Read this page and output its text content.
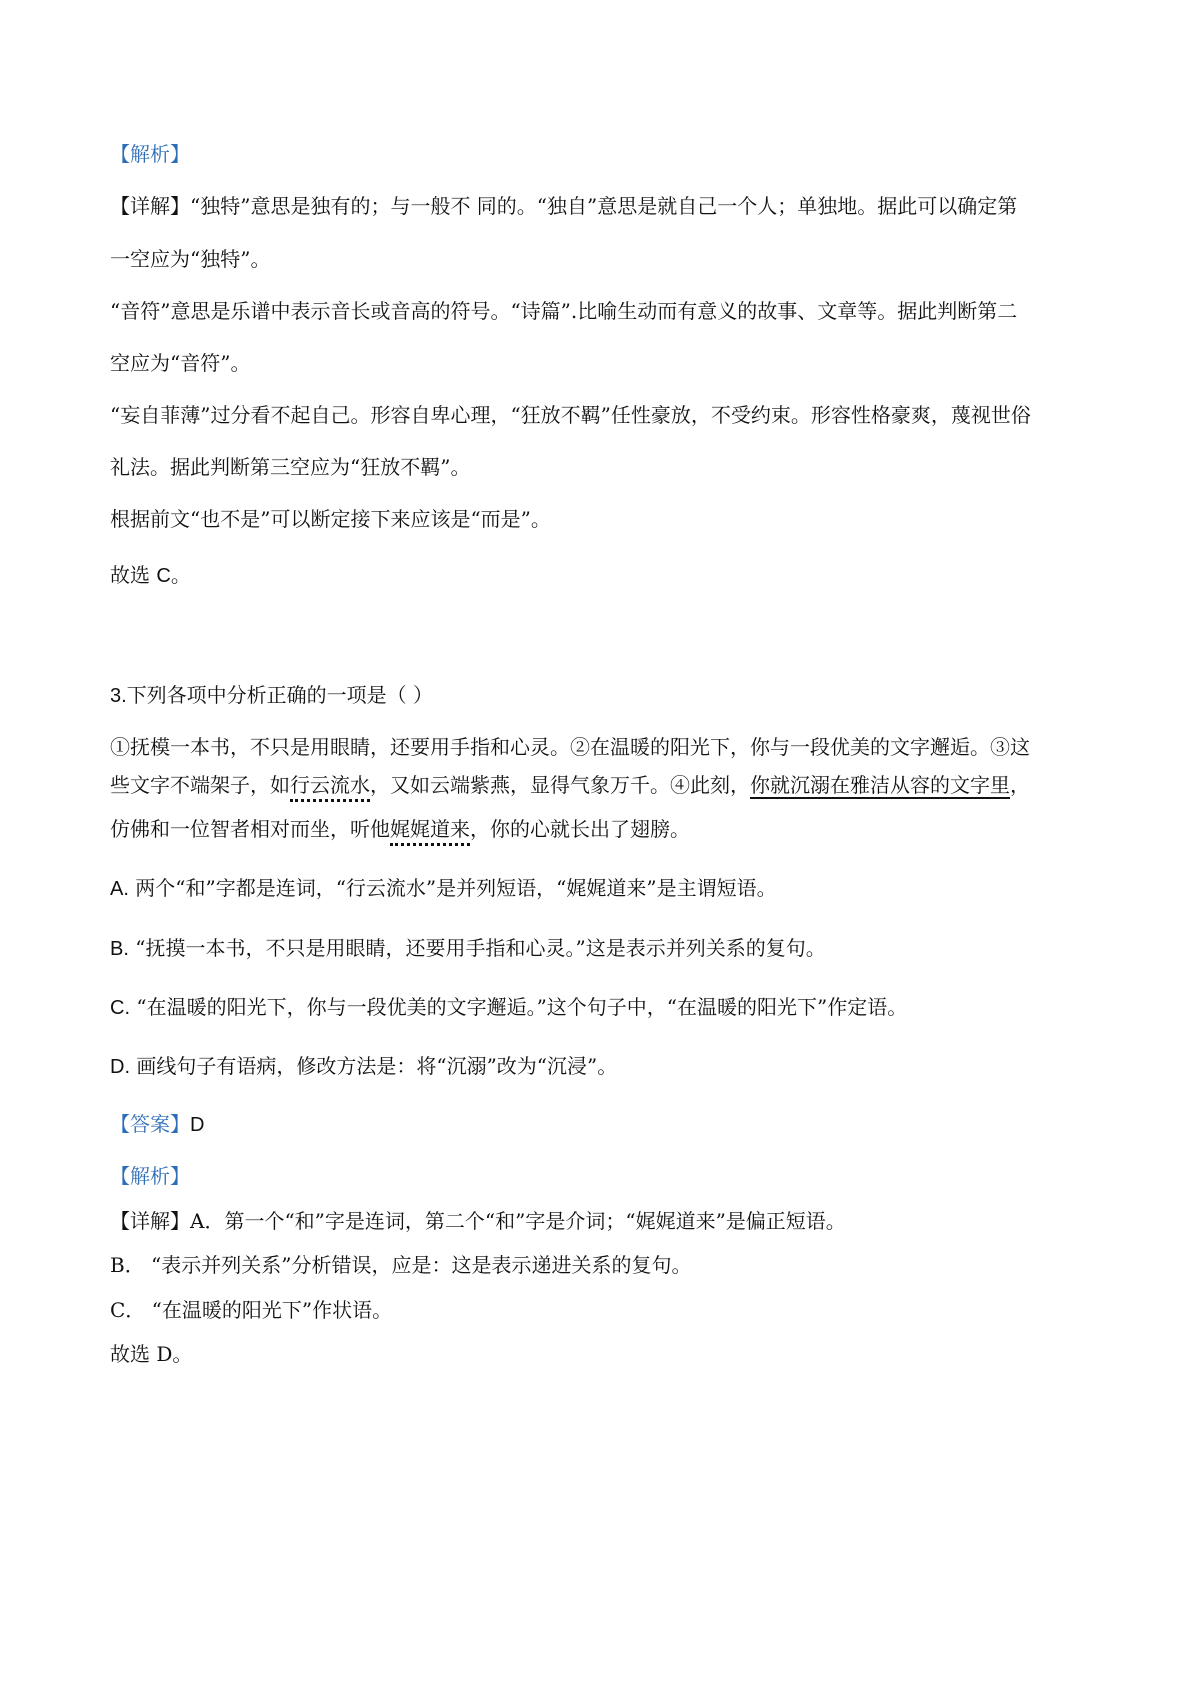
【解析】
【详解】“独特”意思是独有的；与一般不 同的。“独自”意思是就自己一个人；单独地。据此可以确定第
一空应为“独特”。
“音符”意思是乐谱中表示音长或音高的符号。“诗篇”.比喻生动而有意义的故事、文章等。据此判断第二
空应为“音符”。
“妄自菲薄”过分看不起自己。形容自卑心理，“狂放不羁”任性豪放，不受约束。形容性格豪爽，蔑视世俗
礼法。据此判断第三空应为“狂放不羁”。
根据前文“也不是”可以断定接下来应该是“而是”。
故选 C。
3.下列各项中分析正确的一项是（ ）
①抚模一本书，不只是用眼睛，还要用手指和心灵。②在温暖的阳光下，你与一段优美的文字邂逅。③这
些文字不端架子，如行云流水，又如云端紫燕，显得气象万千。④此刻，你就沉溺在雅洁从容的文字里，
仿佛和一位智者相对而坐，听他娓娓道来，你的心就长出了翅膀。
A. 两个“和”字都是连词，“行云流水”是并列短语，“娓娓道来”是主谓短语。
B. “抚摸一本书，不只是用眼睛，还要用手指和心灵。”这是表示并列关系的复句。
C. “在温暖的阳光下，你与一段优美的文字邂逅。”这个句子中，“在温暖的阳光下”作定语。
D. 画线句子有语病，修改方法是：将“沉溺”改为“沉浸”。
【答案】D
【解析】
【详解】A．第一个“和”字是连词，第二个“和”字是介词；“娓娓道来”是偏正短语。
B． “表示并列关系”分析错误，应是：这是表示递进关系的复句。
C． “在温暖的阳光下”作状语。
故选 D。
